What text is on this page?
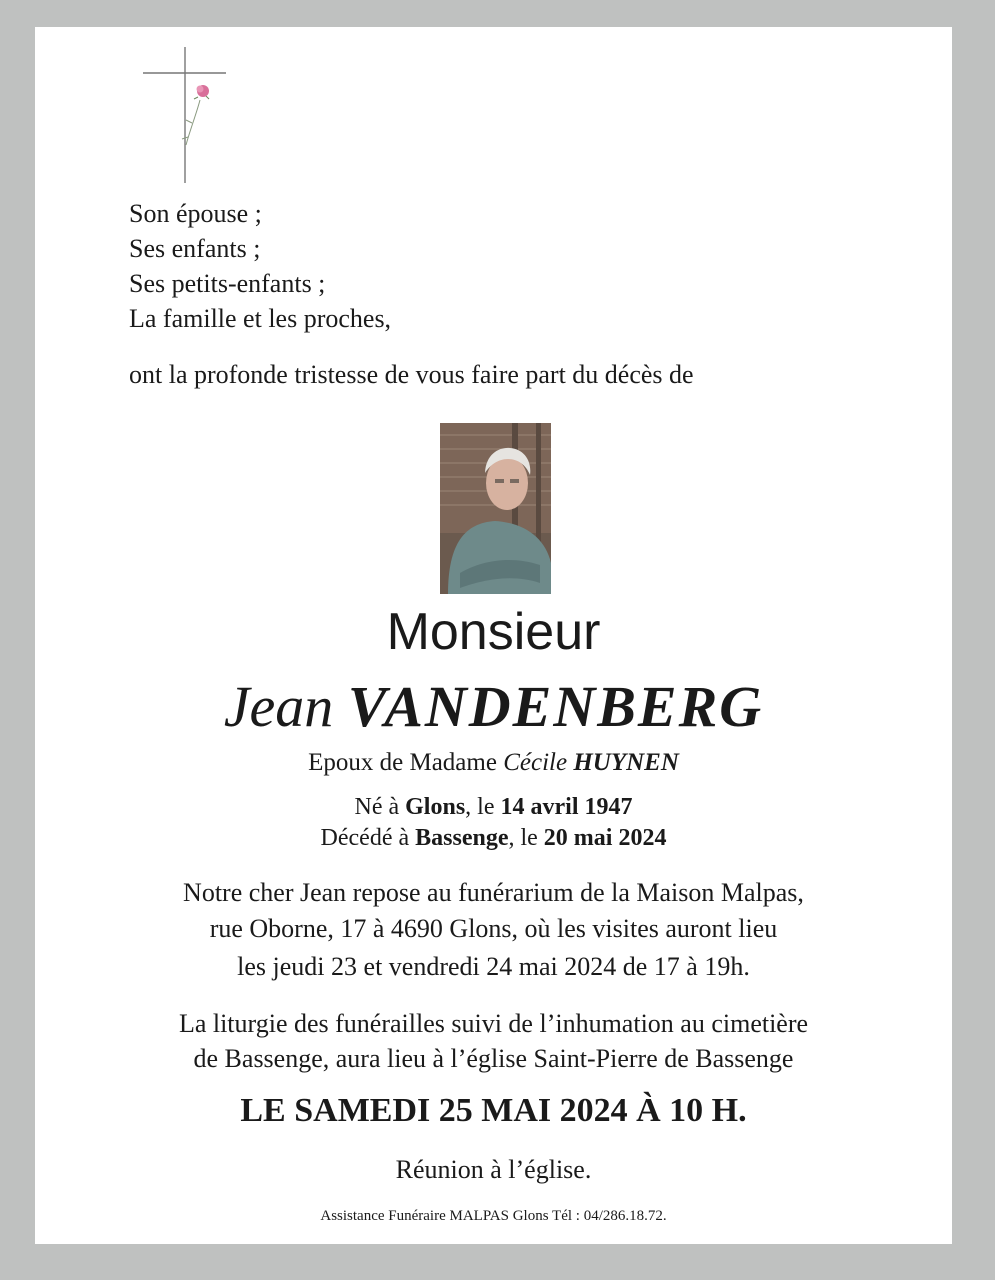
Son épouse ;
Ses enfants ;
Ses petits-enfants ;
La famille et les proches,
ont la profonde tristesse de vous faire part du décès de
Monsieur
Jean VANDENBERG
Epoux de Madame Cécile HUYNEN
Né à Glons, le 14 avril 1947
Décédé à Bassenge, le 20 mai 2024
Notre cher Jean repose au funérarium de la Maison Malpas,
rue Oborne, 17 à 4690 Glons, où les visites auront lieu
les jeudi 23 et vendredi 24 mai 2024 de 17 à 19h.
La liturgie des funérailles suivi de l’inhumation au cimetière
de Bassenge, aura lieu à l’église Saint-Pierre de Bassenge
LE SAMEDI 25 MAI 2024 À 10 H.
Réunion à l’église.
Assistance Funéraire MALPAS Glons Tél : 04/286.18.72.
